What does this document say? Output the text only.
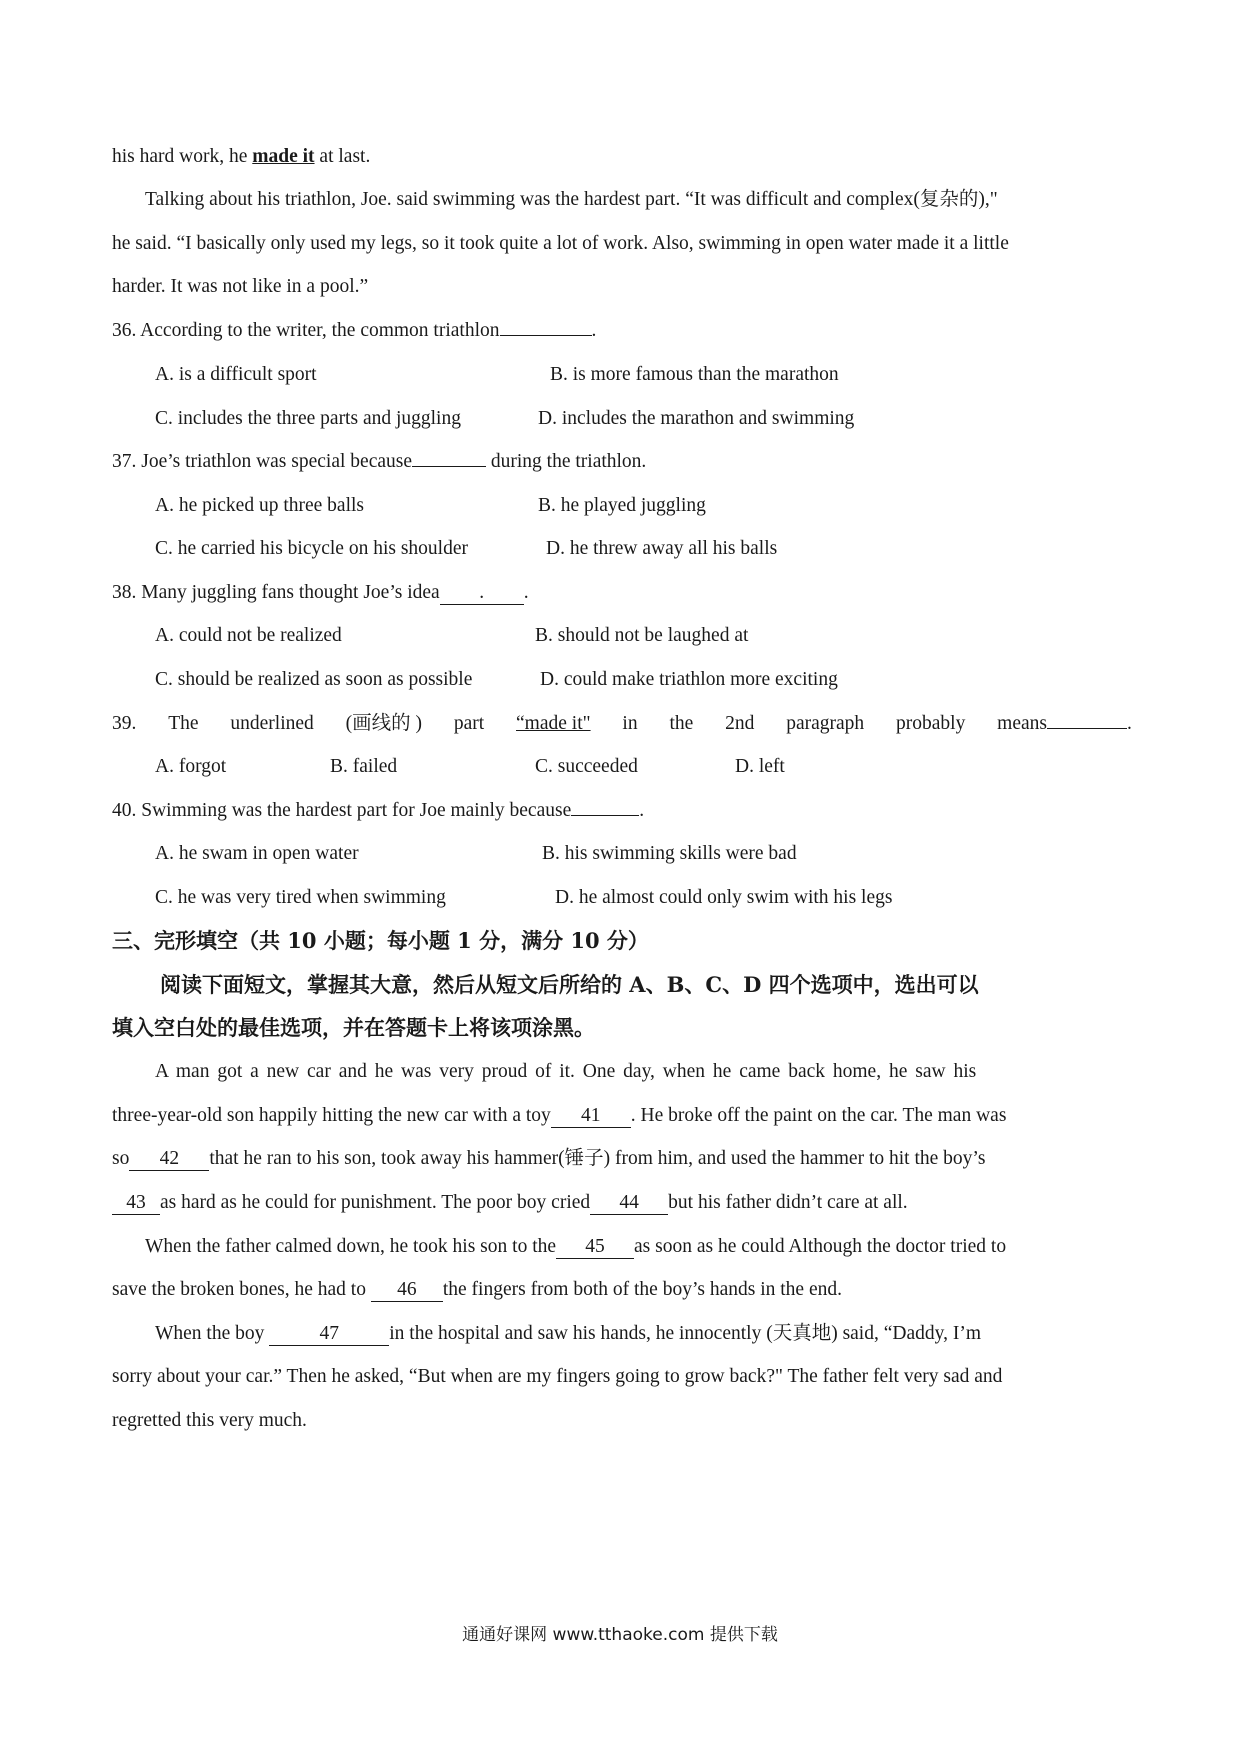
his hard work, he made it at last.
Talking about his triathlon, Joe. said swimming was the hardest part. “It was difficult and complex(复杂的),"
he said. “I basically only used my legs, so it took quite a lot of work. Also, swimming in open water made it a little
harder. It was not like in a pool.”
36. According to the writer, the common triathlon	.
A. is a difficult sport	B. is more famous than the marathon
C. includes the three parts and juggling	D. includes the marathon and swimming
37. Joe’s triathlon was special because	during the triathlon.
A. he picked up three balls	B. he played juggling
C. he carried his bicycle on his shoulder	D. he threw away all his balls
38. Many juggling fans thought Joe’s idea . .
A. could not be realized	B. should not be laughed at
C. should be realized as soon as possible	D. could make triathlon more exciting
39. The underlined (画线的 ) part “made it" in the 2nd paragraph probably means	.
A. forgot	B. failed	C. succeeded	D. left
40. Swimming was the hardest part for Joe mainly because	.
A. he swam in open water	B. his swimming skills were bad
C. he was very tired when swimming	D. he almost could only swim with his legs
三、完形填空（共 10 小题；每小题 1 分，满分 10 分）
阅读下面短文，掌握其大意，然后从短文后所给的 A、B、C、D 四个选项中，选出可以
填入空白处的最佳选项，并在答题卡上将该项涂黑。
A man got a new car and he was very proud of it. One day, when he came back home, he saw his
three-year-old son happily hitting the new car with a toy 41 . He broke off the paint on the car. The man was
so 42 that he ran to his son, took away his hammer(锤子) from him, and used the hammer to hit the boy’s
43 as hard as he could for punishment. The poor boy cried 44 but his father didn’t care at all.
When the father calmed down, he took his son to the 45 as soon as he could Although the doctor tried to
save the broken bones, he had to 46 the fingers from both of the boy’s hands in the end.
When the boy	47	in the hospital and saw his hands, he innocently (天真地) said, “Daddy, I’m
sorry about your car.” Then he asked, “But when are my fingers going to grow back?" The father felt very sad and
regretted this very much.
通通好课网 www.tthaoke.com 提供下载
